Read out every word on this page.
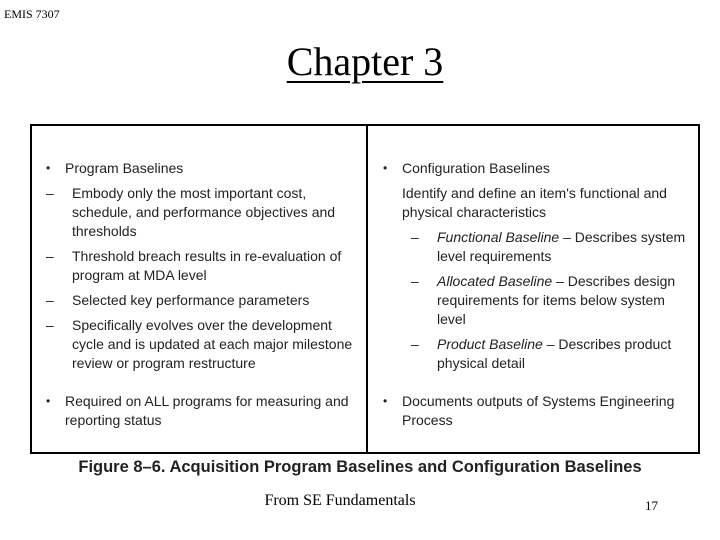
EMIS 7307
Chapter 3
• Program Baselines
– Embody only the most important cost, schedule, and performance objectives and thresholds
– Threshold breach results in re-evaluation of program at MDA level
– Selected key performance parameters
– Specifically evolves over the development cycle and is updated at each major milestone review or program restructure
• Required on ALL programs for measuring and reporting status
• Configuration Baselines
Identify and define an item's functional and physical characteristics
– Functional Baseline – Describes system level requirements
– Allocated Baseline – Describes design requirements for items below system level
– Product Baseline – Describes product physical detail
• Documents outputs of Systems Engineering Process
Figure 8–6. Acquisition Program Baselines and Configuration Baselines
From SE Fundamentals	17
